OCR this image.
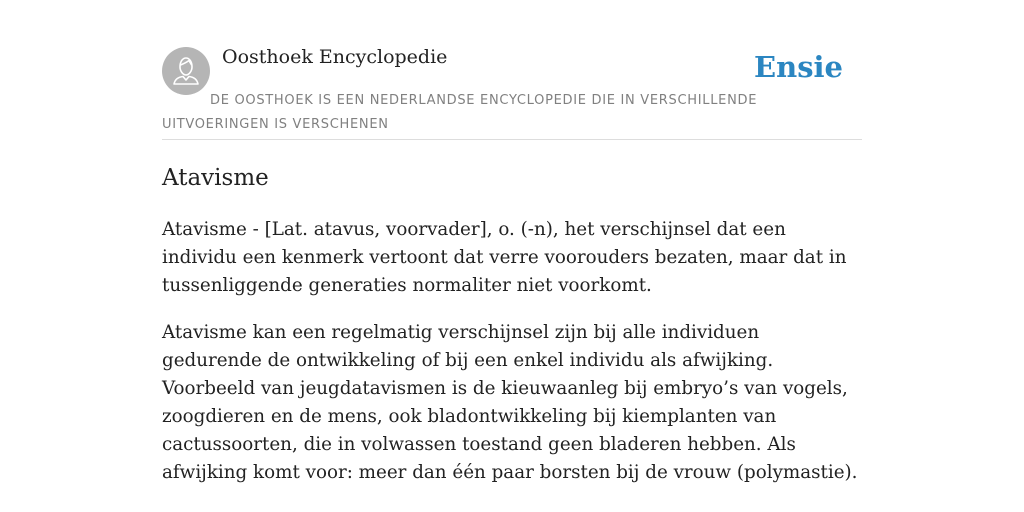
Oosthoek Encyclopedie	Ensie
DE OOSTHOEK IS EEN NEDERLANDSE ENCYCLOPEDIE DIE IN VERSCHILLENDE UITVOERINGEN IS VERSCHENEN
Atavisme

Atavisme - [Lat. atavus, voorvader], o. (-n), het verschijnsel dat een individu een kenmerk vertoont dat verre voorouders bezaten, maar dat in tussenliggende generaties normaliter niet voorkomt.

Atavisme kan een regelmatig verschijnsel zijn bij alle individuen gedurende de ontwikkeling of bij een enkel individu als afwijking. Voorbeeld van jeugdatavismen is de kieuwaanleg bij embryo’s van vogels, zoogdieren en de mens, ook bladontwikkeling bij kiemplanten van cactussoorten, die in volwassen toestand geen bladeren hebben. Als afwijking komt voor: meer dan één paar borsten bij de vrouw (polymastie).
